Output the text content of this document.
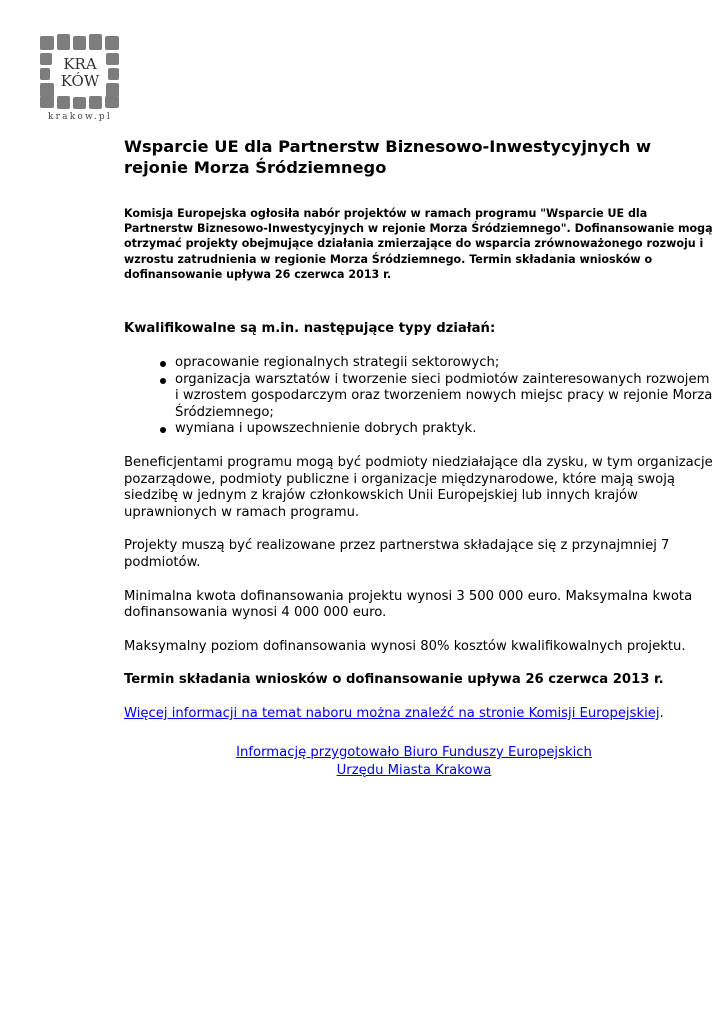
KRA
KÓW
krakow.pl
Wsparcie UE dla Partnerstw Biznesowo-Inwestycyjnych w rejonie Morza Śródziemnego

Komisja Europejska ogłosiła nabór projektów w ramach programu "Wsparcie UE dla Partnerstw Biznesowo-Inwestycyjnych w rejonie Morza Śródziemnego". Dofinansowanie mogą otrzymać projekty obejmujące działania zmierzające do wsparcia zrównoważonego rozwoju i wzrostu zatrudnienia w regionie Morza Śródziemnego. Termin składania wniosków o dofinansowanie upływa 26 czerwca 2013 r.

Kwalifikowalne są m.in. następujące typy działań:
opracowanie regionalnych strategii sektorowych;
organizacja warsztatów i tworzenie sieci podmiotów zainteresowanych rozwojem i wzrostem gospodarczym oraz tworzeniem nowych miejsc pracy w rejonie Morza Śródziemnego;
wymiana i upowszechnienie dobrych praktyk.

Beneficjentami programu mogą być podmioty niedziałające dla zysku, w tym organizacje pozarządowe, podmioty publiczne i organizacje międzynarodowe, które mają swoją siedzibę w jednym z krajów członkowskich Unii Europejskiej lub innych krajów uprawnionych w ramach programu.

Projekty muszą być realizowane przez partnerstwa składające się z przynajmniej 7 podmiotów.

Minimalna kwota dofinansowania projektu wynosi 3 500 000 euro. Maksymalna kwota dofinansowania wynosi 4 000 000 euro.

Maksymalny poziom dofinansowania wynosi 80% kosztów kwalifikowalnych projektu.

Termin składania wniosków o dofinansowanie upływa 26 czerwca 2013 r.

Więcej informacji na temat naboru można znaleźć na stronie Komisji Europejskiej.

Informację przygotowało Biuro Funduszy Europejskich
Urzędu Miasta Krakowa
